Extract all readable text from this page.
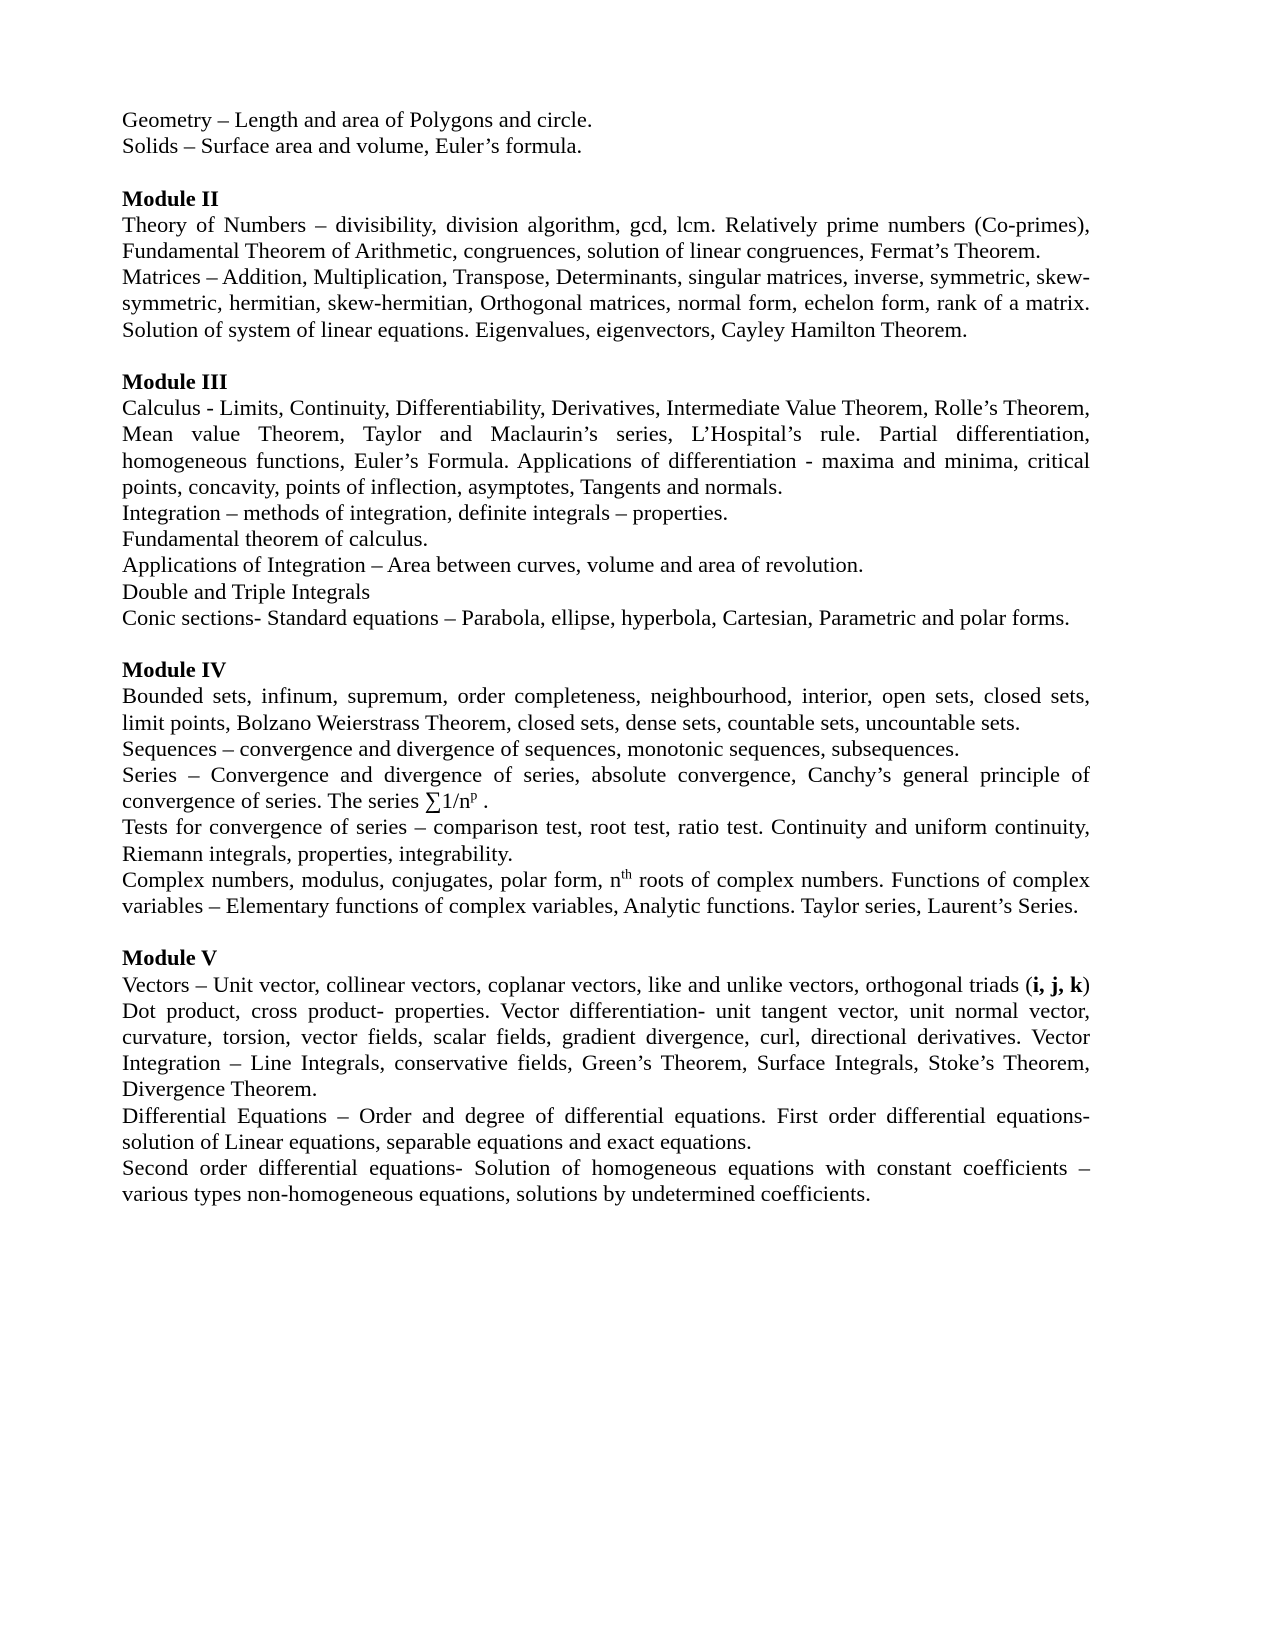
Geometry – Length and area of Polygons and circle.

Solids – Surface area and volume, Euler’s formula.

Module II

Theory of Numbers – divisibility, division algorithm, gcd, lcm. Relatively prime numbers (Co-primes), Fundamental Theorem of Arithmetic, congruences, solution of linear congruences, Fermat’s Theorem.

Matrices – Addition, Multiplication, Transpose, Determinants, singular matrices, inverse, symmetric, skew-symmetric, hermitian, skew-hermitian, Orthogonal matrices, normal form, echelon form, rank of a matrix. Solution of system of linear equations. Eigenvalues, eigenvectors, Cayley Hamilton Theorem.

Module III

Calculus - Limits, Continuity, Differentiability, Derivatives, Intermediate Value Theorem, Rolle’s Theorem, Mean value Theorem, Taylor and Maclaurin’s series, L’Hospital’s rule. Partial differentiation, homogeneous functions, Euler’s Formula. Applications of differentiation - maxima and minima, critical points, concavity, points of inflection, asymptotes, Tangents and normals.

Integration – methods of integration, definite integrals – properties.

Fundamental theorem of calculus.

Applications of Integration – Area between curves, volume and area of revolution.

Double and Triple Integrals

Conic sections- Standard equations – Parabola, ellipse, hyperbola, Cartesian, Parametric and polar forms.

Module IV

Bounded sets, infinum, supremum, order completeness, neighbourhood, interior, open sets, closed sets, limit points, Bolzano Weierstrass Theorem, closed sets, dense sets, countable sets, uncountable sets.

Sequences – convergence and divergence of sequences, monotonic sequences, subsequences.

Series – Convergence and divergence of series, absolute convergence, Canchy’s general principle of convergence of series. The series $\sum 1/n^p$ .

Tests for convergence of series – comparison test, root test, ratio test. Continuity and uniform continuity, Riemann integrals, properties, integrability.

Complex numbers, modulus, conjugates, polar form, $n^{th}$ roots of complex numbers. Functions of complex variables – Elementary functions of complex variables, Analytic functions. Taylor series, Laurent’s Series.

Module V

Vectors – Unit vector, collinear vectors, coplanar vectors, like and unlike vectors, orthogonal triads (i, j, k) Dot product, cross product- properties. Vector differentiation- unit tangent vector, unit normal vector, curvature, torsion, vector fields, scalar fields, gradient divergence, curl, directional derivatives. Vector Integration – Line Integrals, conservative fields, Green’s Theorem, Surface Integrals, Stoke’s Theorem, Divergence Theorem.

Differential Equations – Order and degree of differential equations. First order differential equations- solution of Linear equations, separable equations and exact equations.

Second order differential equations- Solution of homogeneous equations with constant coefficients – various types non-homogeneous equations, solutions by undetermined coefficients.
